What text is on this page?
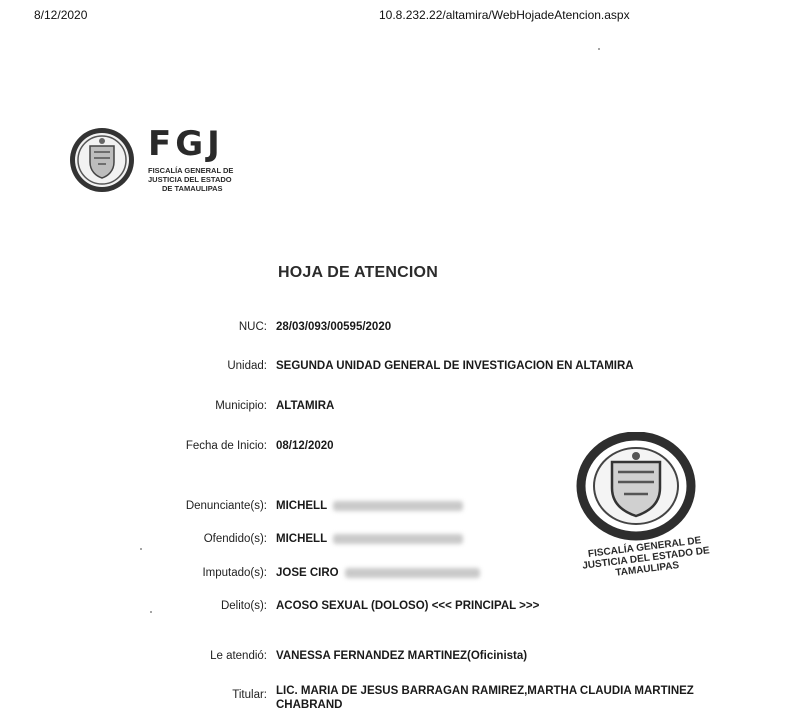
8/12/2020	10.8.232.22/altamira/WebHojadeAtencion.aspx
FGJ
FISCALÍA GENERAL DE
JUSTICIA DEL ESTADO

DE TAMAULIPAS
HOJA DE ATENCION
NUC: 28/03/093/00595/2020
Unidad: SEGUNDA UNIDAD GENERAL DE INVESTIGACION EN ALTAMIRA
Municipio: ALTAMIRA
Fecha de Inicio: 08/12/2020
Denunciante(s): MICHELL
Ofendido(s): MICHELL
Imputado(s): JOSE CIRO
Delito(s): ACOSO SEXUAL (DOLOSO) <<< PRINCIPAL >>>
Le atendió: VANESSA FERNANDEZ MARTINEZ(Oficinista)
Titular: LIC. MARIA DE JESUS BARRAGAN RAMIREZ,MARTHA CLAUDIA MARTINEZ CHABRAND
FISCALÍA GENERAL DE JUSTICIA DEL ESTADO DE TAMAULIPAS
